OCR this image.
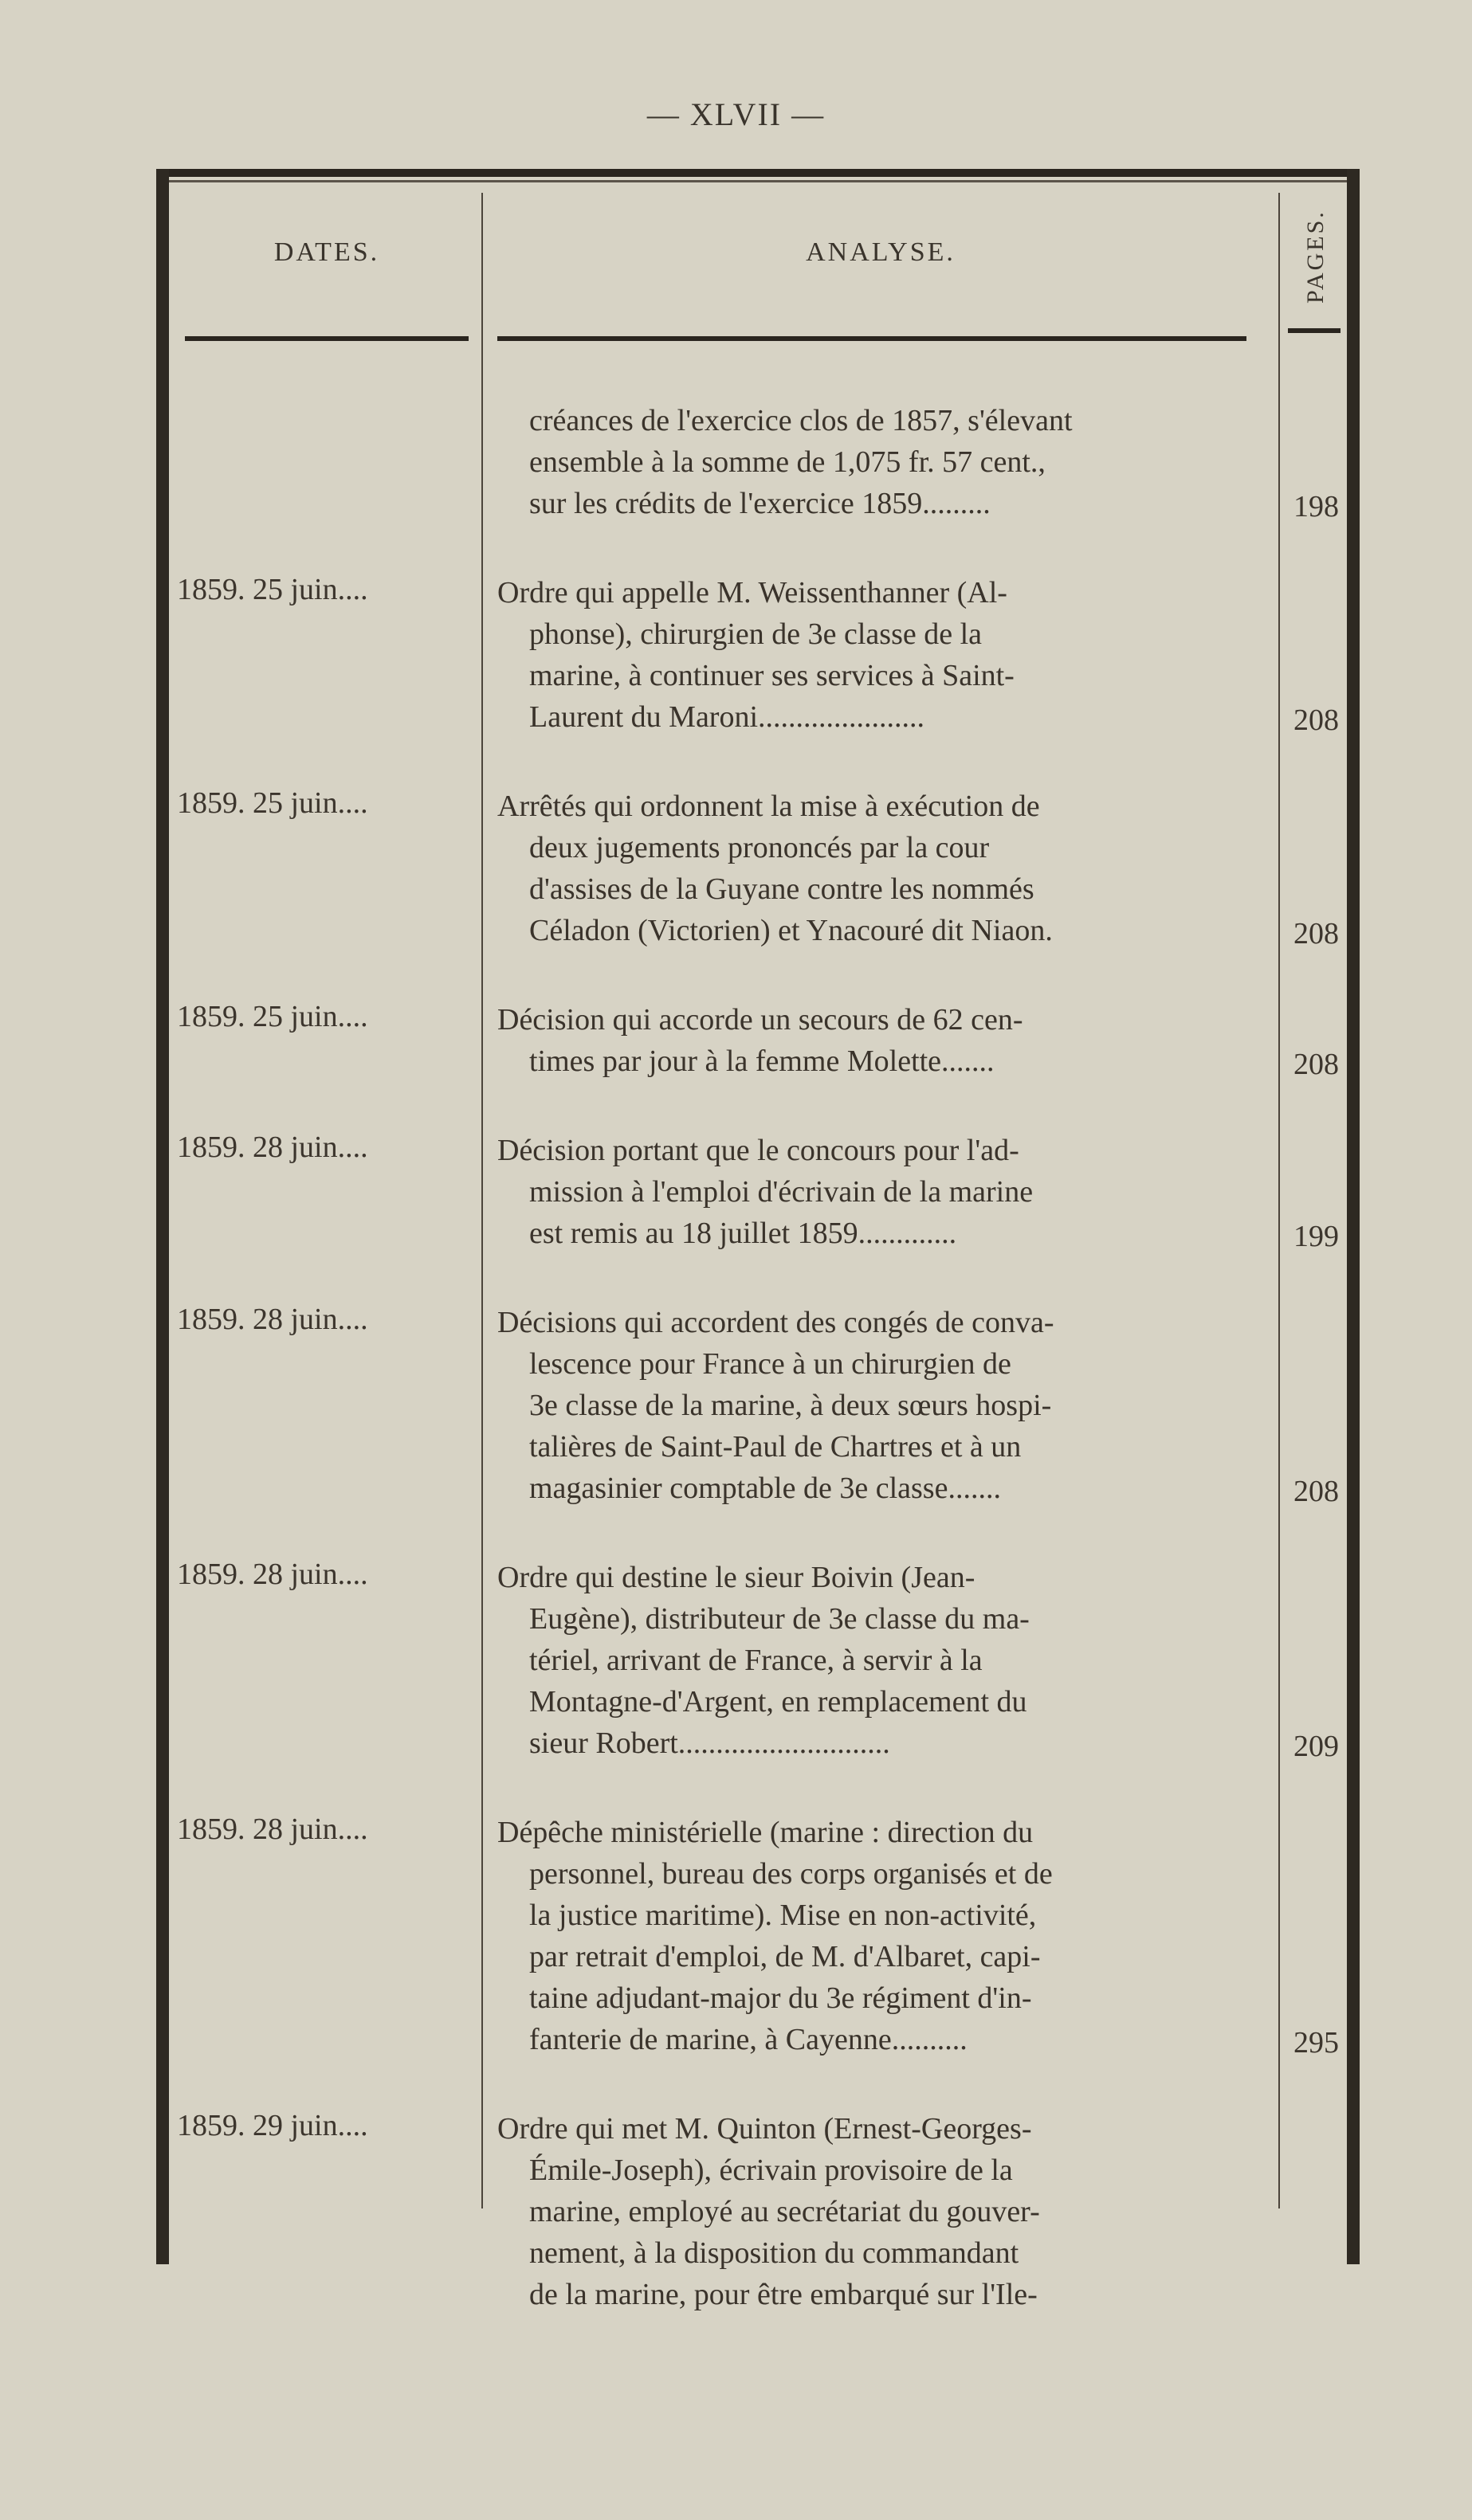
— XLVII —
DATES.	ANALYSE.	PAGES.
créances de l'exercice clos de 1857, s'élevant
ensemble à la somme de 1,075 fr. 57 cent.,
sur les crédits de l'exercice 1859.........	198
1859. 25 juin....	Ordre qui appelle M. Weissenthanner (Al-
phonse), chirurgien de 3e classe de la
marine, à continuer ses services à Saint-
Laurent du Maroni......................	208
1859. 25 juin....	Arrêtés qui ordonnent la mise à exécution de
deux jugements prononcés par la cour
d'assises de la Guyane contre les nommés
Céladon (Victorien) et Ynacouré dit Niaon.	208
1859. 25 juin....	Décision qui accorde un secours de 62 cen-
times par jour à la femme Molette.......	208
1859. 28 juin....	Décision portant que le concours pour l'ad-
mission à l'emploi d'écrivain de la marine
est remis au 18 juillet 1859.............	199
1859. 28 juin....	Décisions qui accordent des congés de conva-
lescence pour France à un chirurgien de
3e classe de la marine, à deux sœurs hospi-
talières de Saint-Paul de Chartres et à un
magasinier comptable de 3e classe.......	208
1859. 28 juin....	Ordre qui destine le sieur Boivin (Jean-
Eugène), distributeur de 3e classe du ma-
tériel, arrivant de France, à servir à la
Montagne-d'Argent, en remplacement du
sieur Robert............................	209
1859. 28 juin....	Dépêche ministérielle (marine : direction du
personnel, bureau des corps organisés et de
la justice maritime). Mise en non-activité,
par retrait d'emploi, de M. d'Albaret, capi-
taine adjudant-major du 3e régiment d'in-
fanterie de marine, à Cayenne..........	295
1859. 29 juin....	Ordre qui met M. Quinton (Ernest-Georges-
Émile-Joseph), écrivain provisoire de la
marine, employé au secrétariat du gouver-
nement, à la disposition du commandant
de la marine, pour être embarqué sur l'Ile-
